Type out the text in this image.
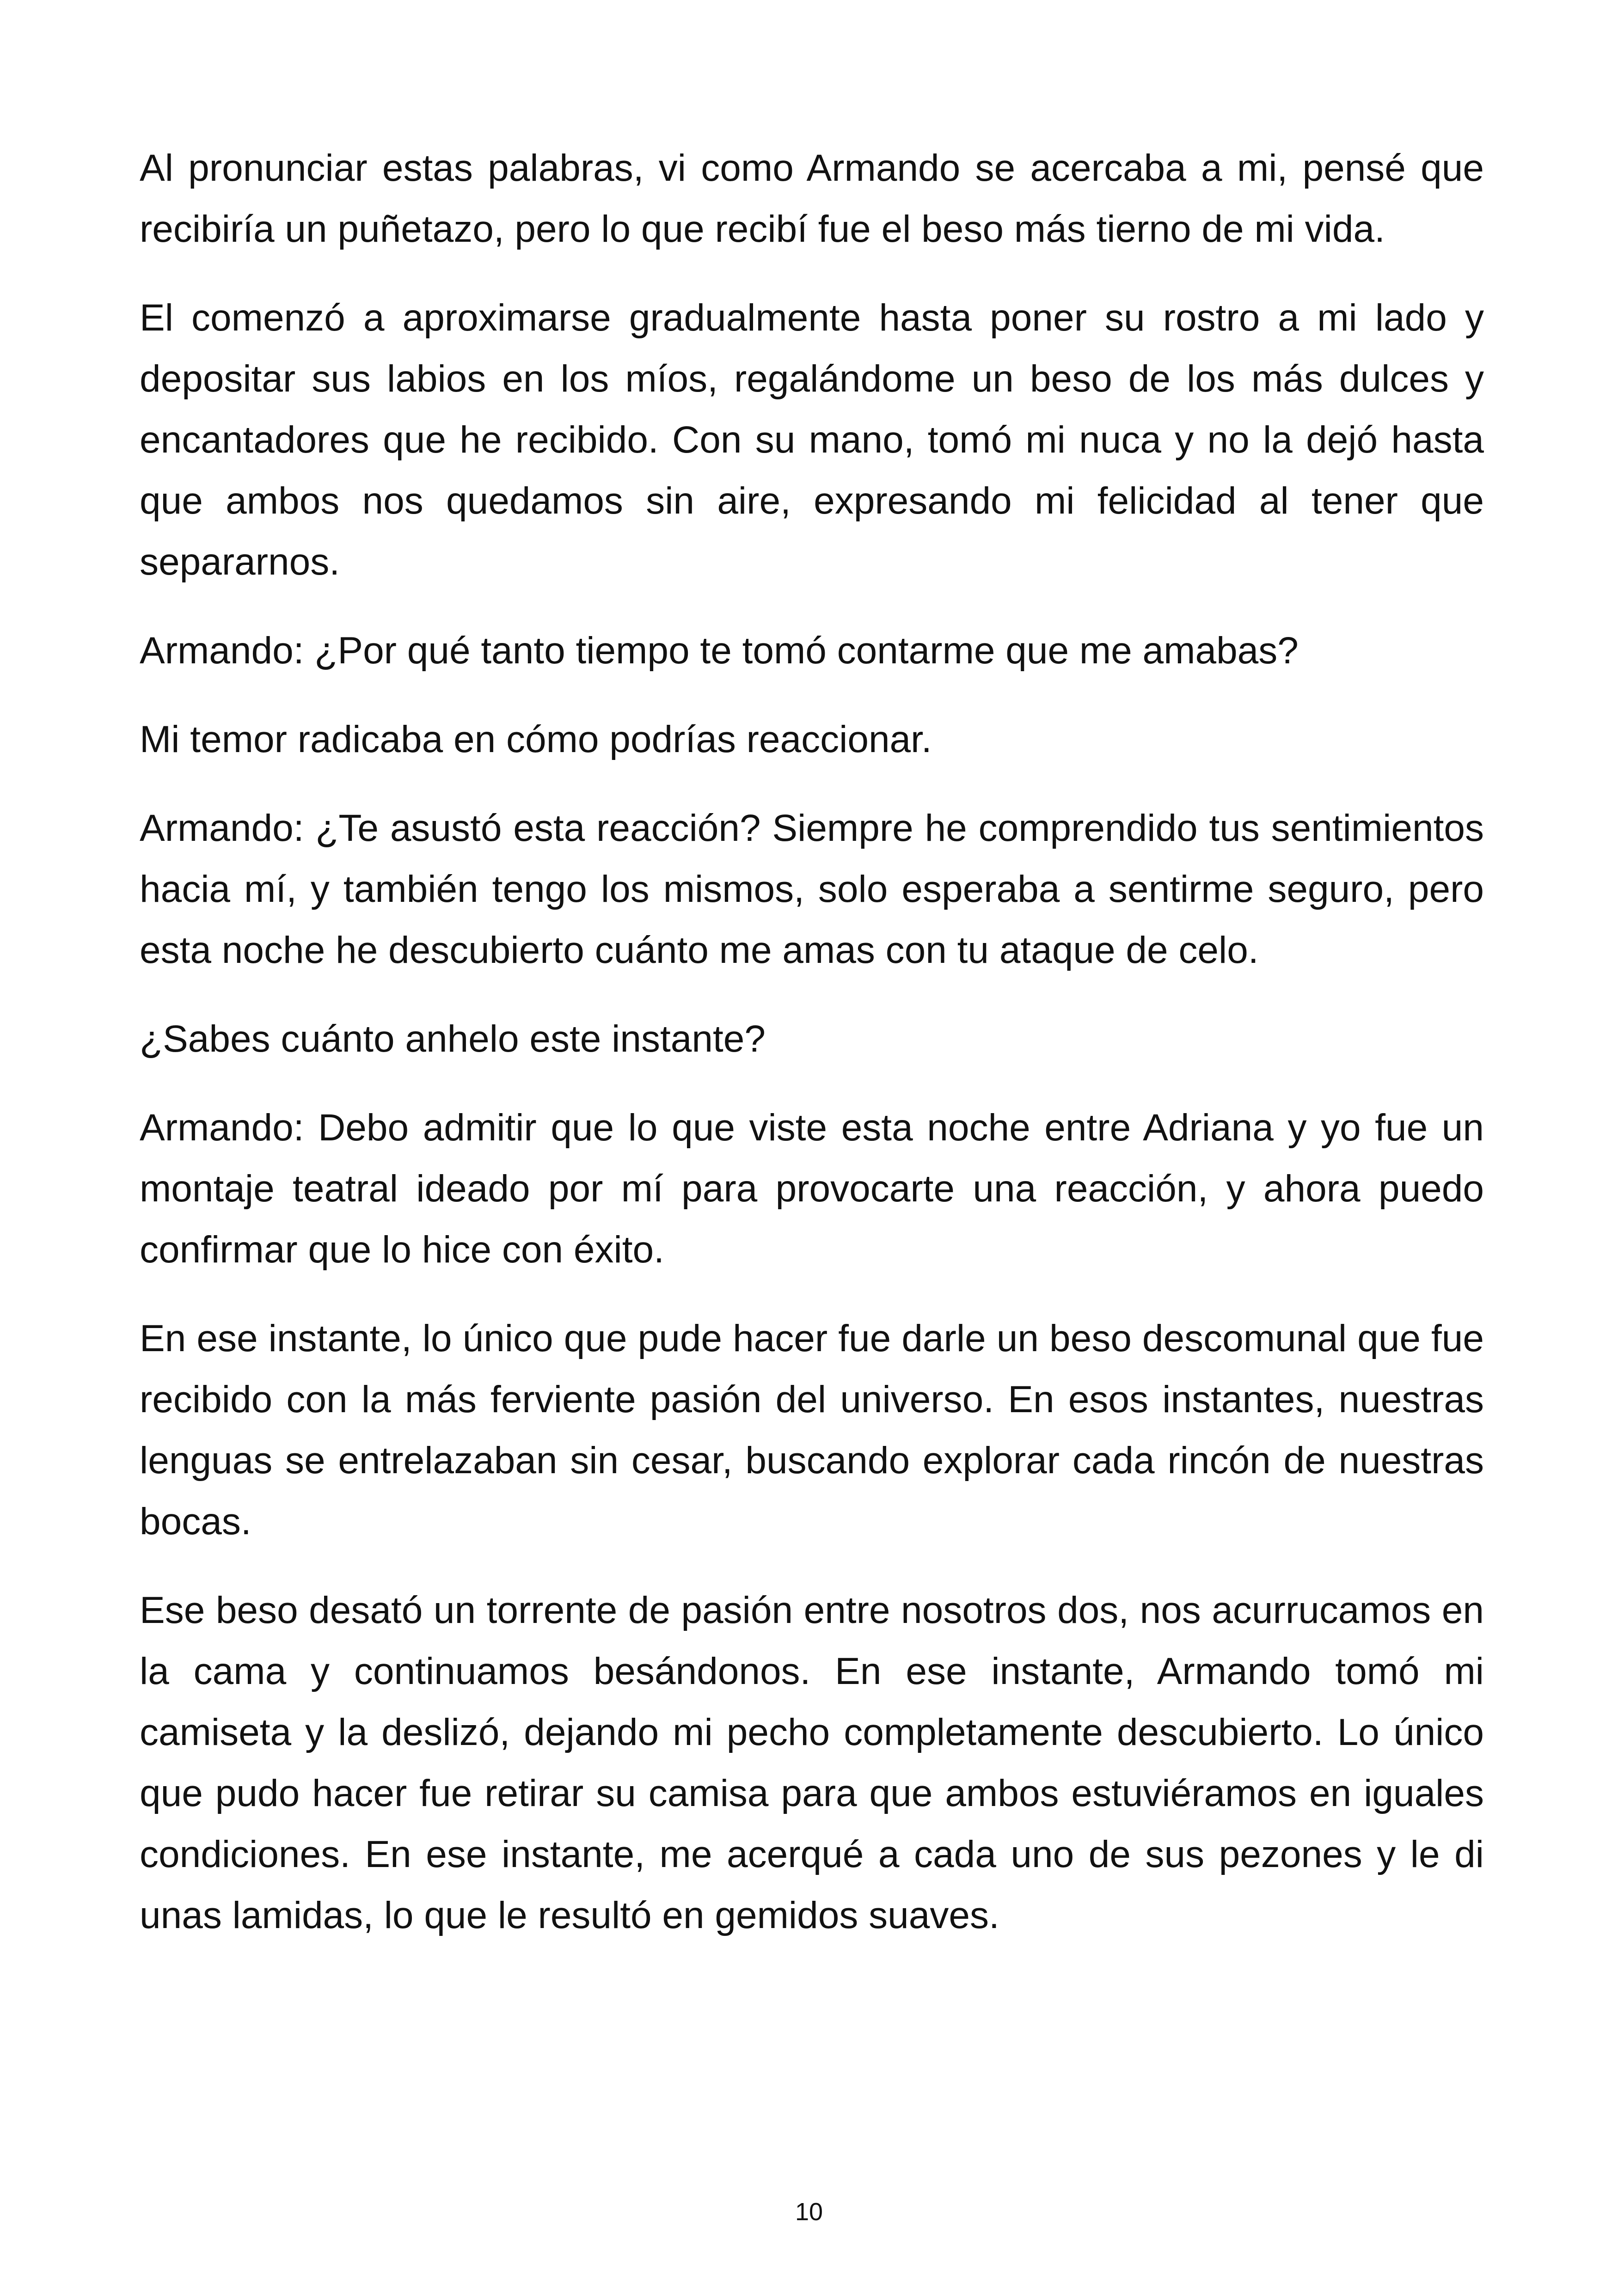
Al pronunciar estas palabras, vi como Armando se acercaba a mi, pensé que recibiría un puñetazo, pero lo que recibí fue el beso más tierno de mi vida.

El comenzó a aproximarse gradualmente hasta poner su rostro a mi lado y depositar sus labios en los míos, regalándome un beso de los más dulces y encantadores que he recibido. Con su mano, tomó mi nuca y no la dejó hasta que ambos nos quedamos sin aire, expresando mi felicidad al tener que separarnos.

Armando: ¿Por qué tanto tiempo te tomó contarme que me amabas?

Mi temor radicaba en cómo podrías reaccionar.

Armando: ¿Te asustó esta reacción? Siempre he comprendido tus sentimientos hacia mí, y también tengo los mismos, solo esperaba a sentirme seguro, pero esta noche he descubierto cuánto me amas con tu ataque de celo.

¿Sabes cuánto anhelo este instante?

Armando: Debo admitir que lo que viste esta noche entre Adriana y yo fue un montaje teatral ideado por mí para provocarte una reacción, y ahora puedo confirmar que lo hice con éxito.

En ese instante, lo único que pude hacer fue darle un beso descomunal que fue recibido con la más ferviente pasión del universo. En esos instantes, nuestras lenguas se entrelazaban sin cesar, buscando explorar cada rincón de nuestras bocas.

Ese beso desató un torrente de pasión entre nosotros dos, nos acurrucamos en la cama y continuamos besándonos. En ese instante, Armando tomó mi camiseta y la deslizó, dejando mi pecho completamente descubierto. Lo único que pudo hacer fue retirar su camisa para que ambos estuviéramos en iguales condiciones. En ese instante, me acerqué a cada uno de sus pezones y le di unas lamidas, lo que le resultó en gemidos suaves.

10
